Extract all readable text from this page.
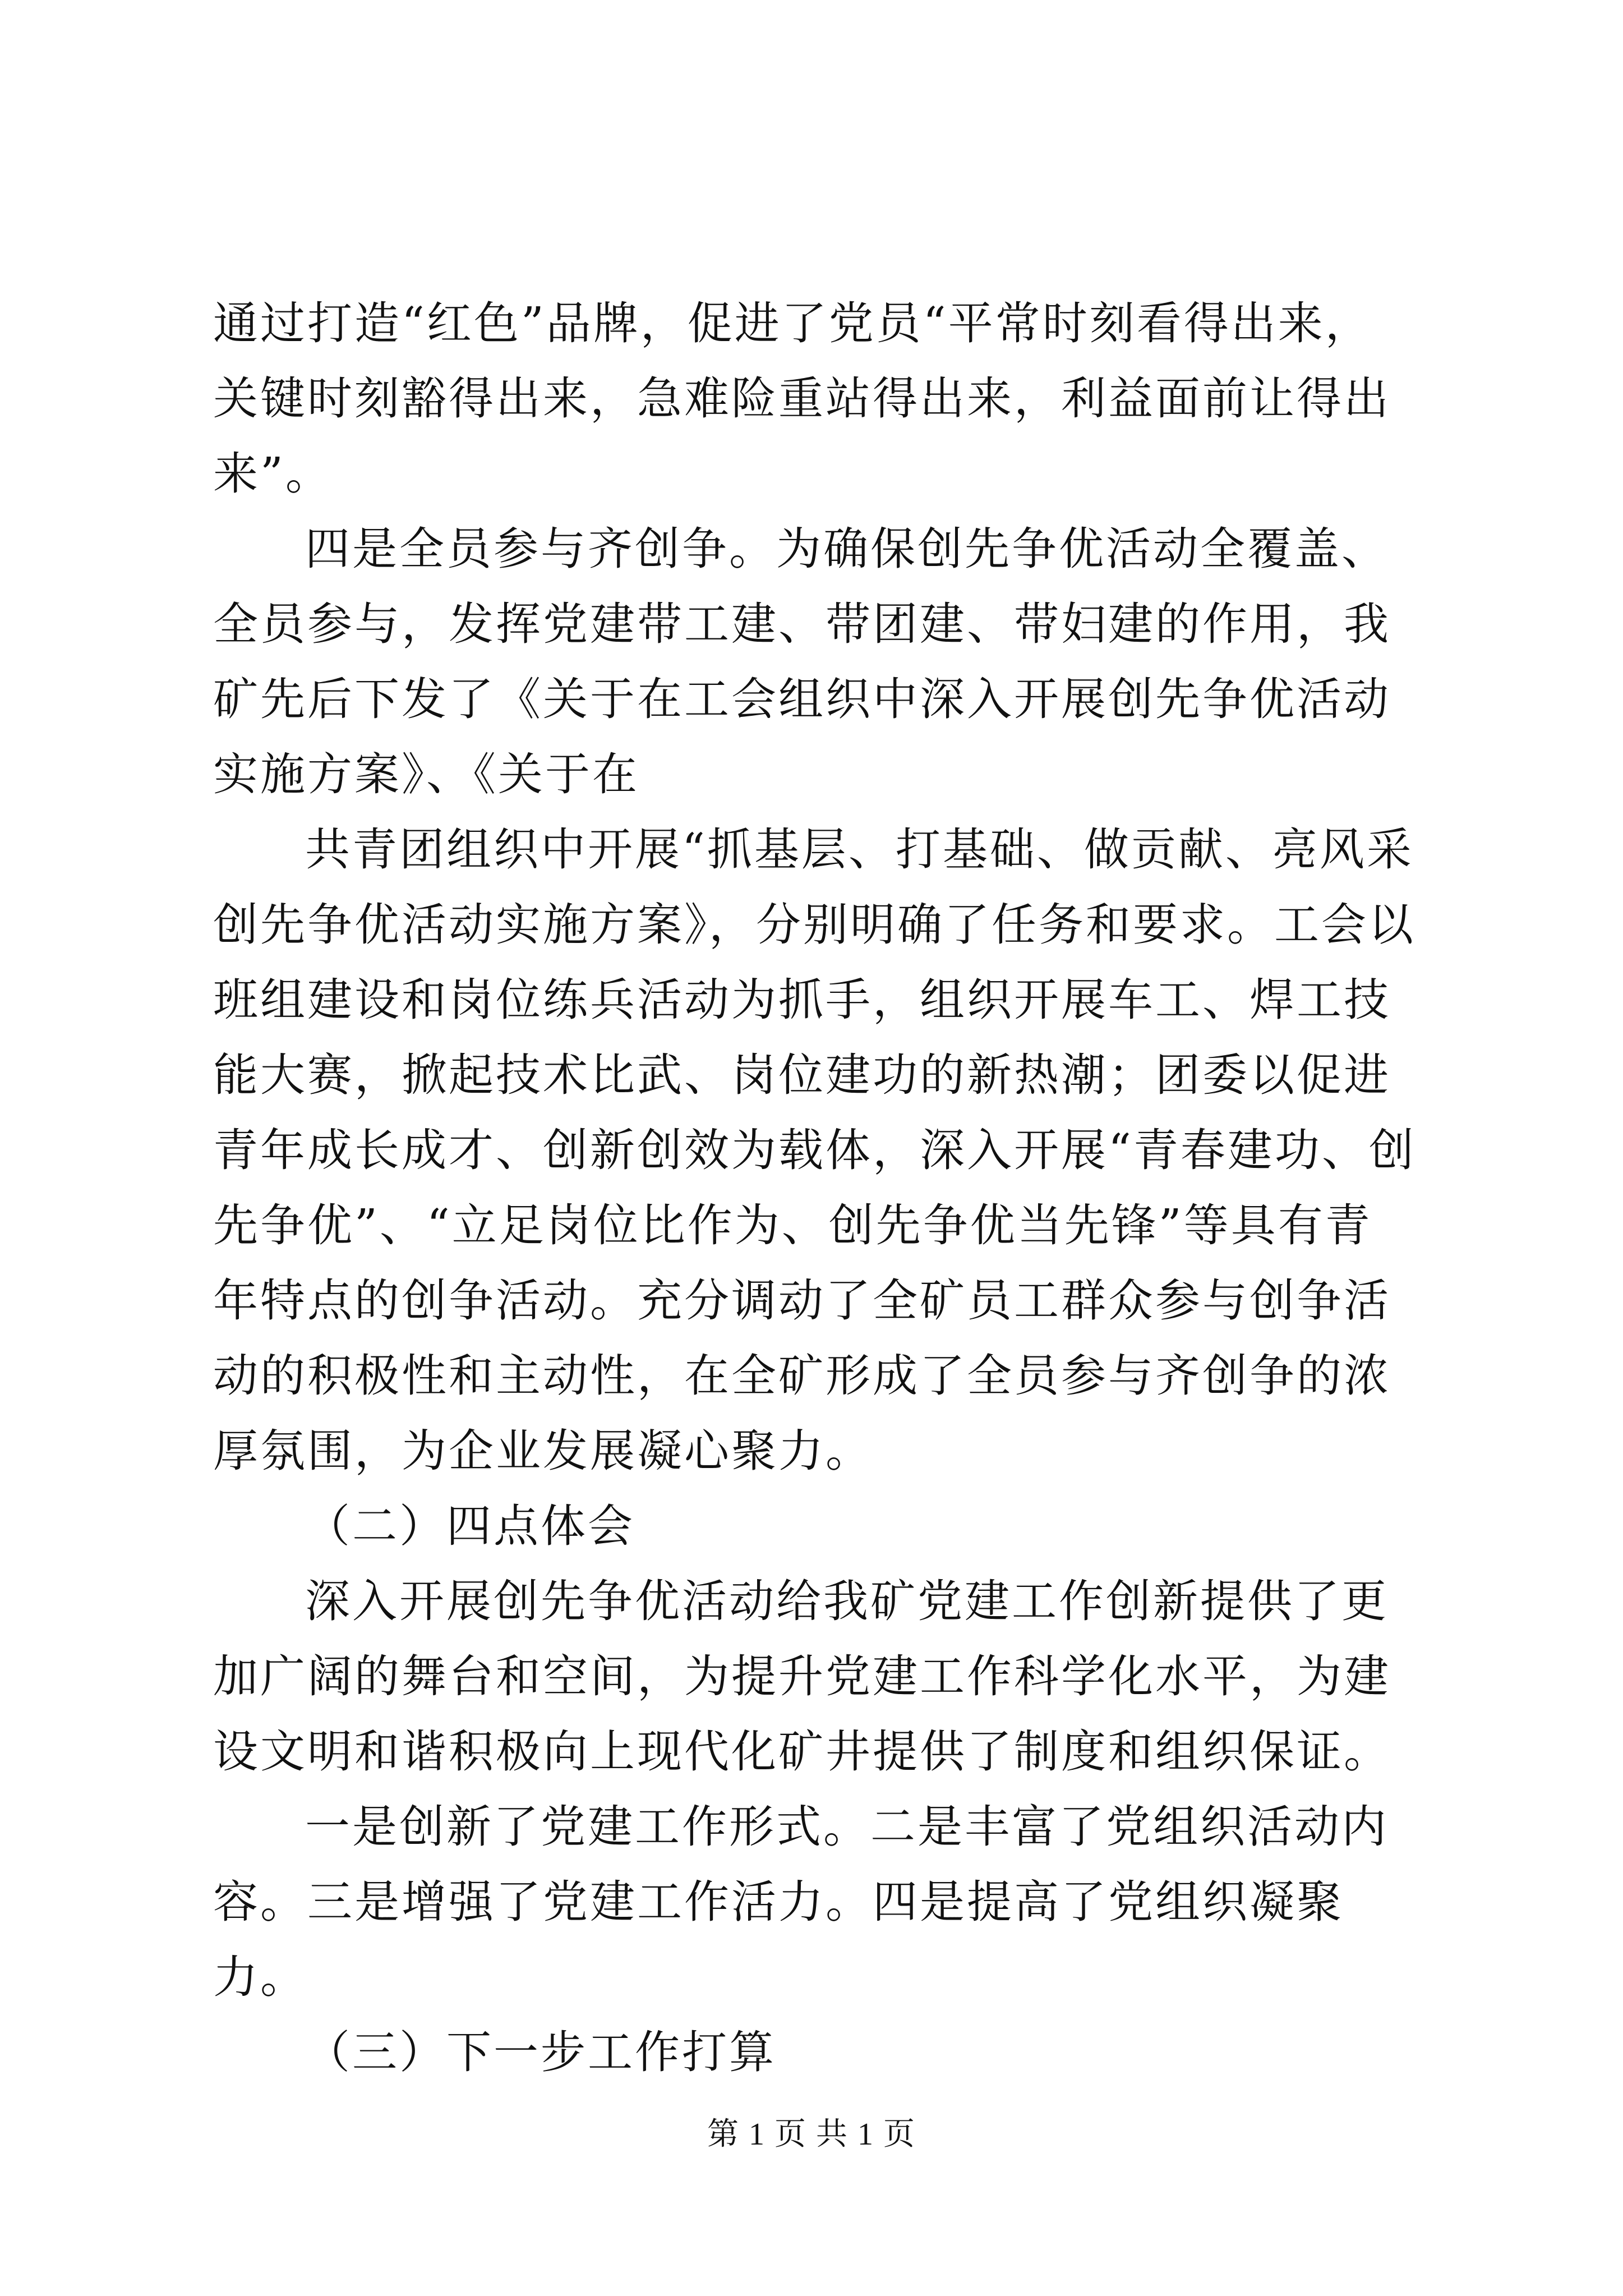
通过打造“红色”品牌，促进了党员“平常时刻看得出来，关键时刻豁得出来，急难险重站得出来，利益面前让得出来”。

四是全员参与齐创争。为确保创先争优活动全覆盖、全员参与，发挥党建带工建、带团建、带妇建的作用，我矿先后下发了《关于在工会组织中深入开展创先争优活动实施方案》、《关于在

共青团组织中开展“抓基层、打基础、做贡献、亮风采创先争优活动实施方案》，分别明确了任务和要求。工会以班组建设和岗位练兵活动为抓手，组织开展车工、焊工技能大赛，掀起技术比武、岗位建功的新热潮；团委以促进青年成长成才、创新创效为载体，深入开展“青春建功、创先争优”、“立足岗位比作为、创先争优当先锋”等具有青年特点的创争活动。充分调动了全矿员工群众参与创争活动的积极性和主动性，在全矿形成了全员参与齐创争的浓厚氛围，为企业发展凝心聚力。

（二）四点体会

深入开展创先争优活动给我矿党建工作创新提供了更加广阔的舞台和空间，为提升党建工作科学化水平，为建设文明和谐积极向上现代化矿井提供了制度和组织保证。

一是创新了党建工作形式。二是丰富了党组织活动内容。三是增强了党建工作活力。四是提高了党组织凝聚力。

（三）下一步工作打算

第 1 页 共 1 页
